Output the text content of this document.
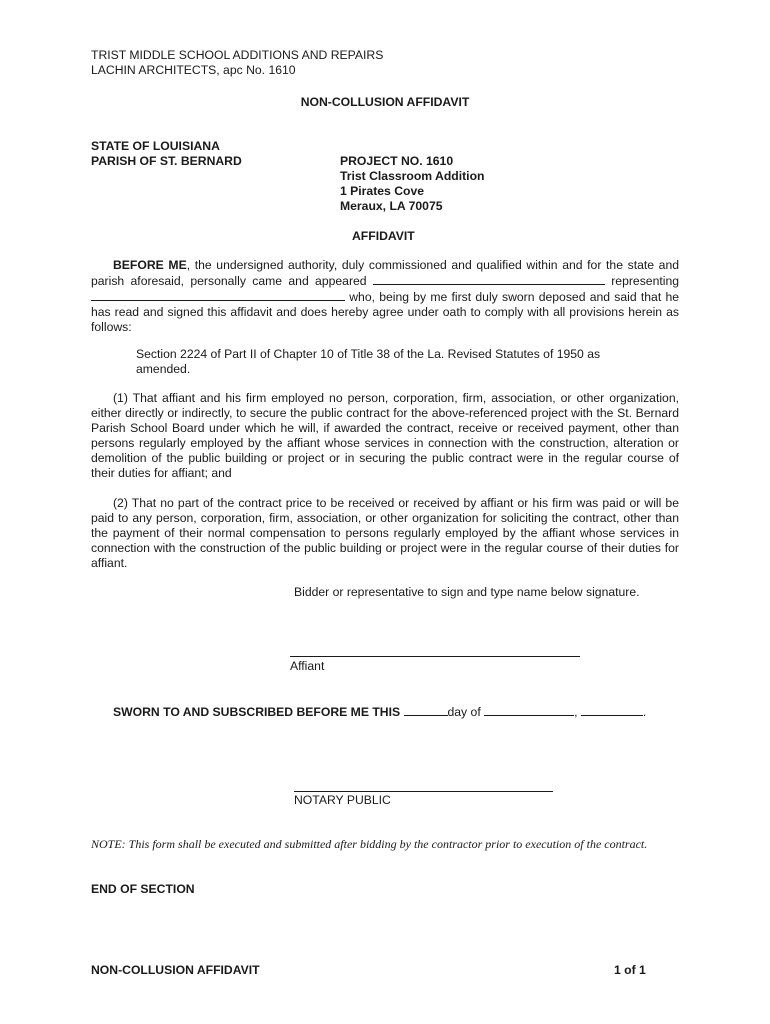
TRIST MIDDLE SCHOOL ADDITIONS AND REPAIRS
LACHIN ARCHITECTS, apc No. 1610
NON-COLLUSION AFFIDAVIT
STATE OF LOUISIANA
PARISH OF ST. BERNARD	PROJECT NO. 1610
Trist Classroom Addition
1 Pirates Cove
Meraux, LA 70075
AFFIDAVIT
BEFORE ME, the undersigned authority, duly commissioned and qualified within and for the state and parish aforesaid, personally came and appeared	representing  who, being by me first duly sworn deposed and said that he has read and signed this affidavit and does hereby agree under oath to comply with all provisions herein as follows:
Section 2224 of Part II of Chapter 10 of Title 38 of the La. Revised Statutes of 1950 as amended.
(1) That affiant and his firm employed no person, corporation, firm, association, or other organization, either directly or indirectly, to secure the public contract for the above-referenced project with the St. Bernard Parish School Board under which he will, if awarded the contract, receive or received payment, other than persons regularly employed by the affiant whose services in connection with the construction, alteration or demolition of the public building or project or in securing the public contract were in the regular course of their duties for affiant; and
(2) That no part of the contract price to be received or received by affiant or his firm was paid or will be paid to any person, corporation, firm, association, or other organization for soliciting the contract, other than the payment of their normal compensation to persons regularly employed by the affiant whose services in connection with the construction of the public building or project were in the regular course of their duties for affiant.
Bidder or representative to sign and type name below signature.
Affiant
SWORN TO AND SUBSCRIBED BEFORE ME THIS	day of	,	.
NOTARY PUBLIC
NOTE: This form shall be executed and submitted after bidding by the contractor prior to execution of the contract.
END OF SECTION
NON-COLLUSION AFFIDAVIT	1 of 1
